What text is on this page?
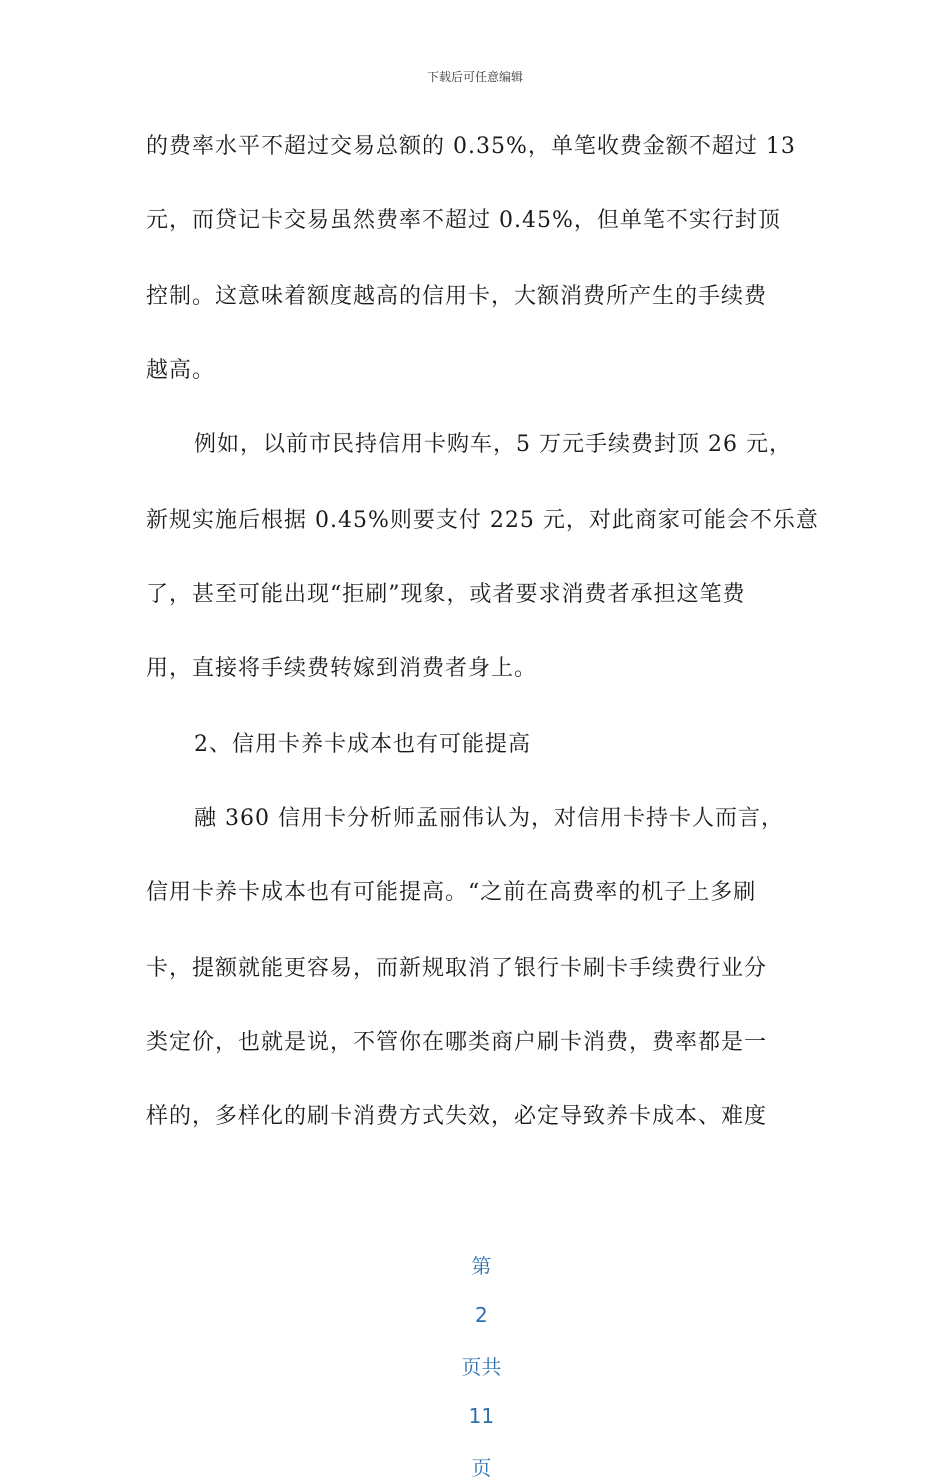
下载后可任意编辑
的费率水平不超过交易总额的 0.35%，单笔收费金额不超过 13
元，而贷记卡交易虽然费率不超过 0.45%，但单笔不实行封顶
控制。这意味着额度越高的信用卡，大额消费所产生的手续费
越高。
例如，以前市民持信用卡购车，5 万元手续费封顶 26 元，
新规实施后根据 0.45%则要支付 225 元，对此商家可能会不乐意
了，甚至可能出现“拒刷”现象，或者要求消费者承担这笔费
用，直接将手续费转嫁到消费者身上。
2、信用卡养卡成本也有可能提高
融 360 信用卡分析师孟丽伟认为，对信用卡持卡人而言，
信用卡养卡成本也有可能提高。“之前在高费率的机子上多刷
卡，提额就能更容易，而新规取消了银行卡刷卡手续费行业分
类定价，也就是说，不管你在哪类商户刷卡消费，费率都是一
样的，多样化的刷卡消费方式失效，必定导致养卡成本、难度

第

2

页共

11

页
